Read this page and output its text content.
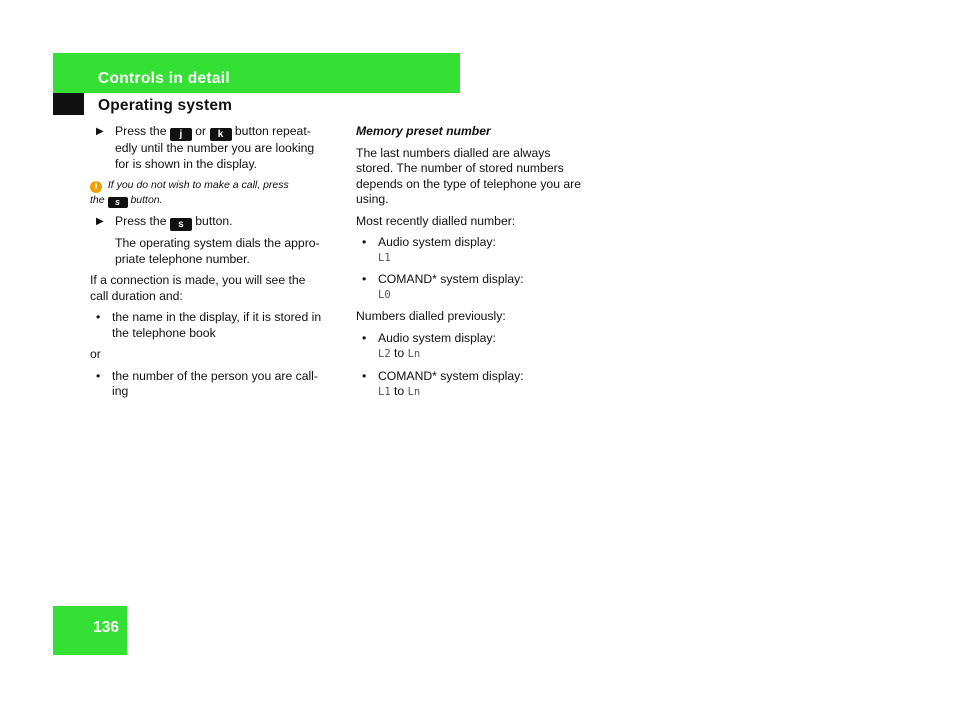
Controls in detail
Operating system
136
▶ Press the j or k button repeat-
edly until the number you are looking
for is shown in the display.
i If you do not wish to make a call, press
the s button.
▶ Press the s button.
The operating system dials the appro-
priate telephone number.
If a connection is made, you will see the
call duration and:
• the name in the display, if it is stored in
the telephone book
or
• the number of the person you are call-
ing
Memory preset number
The last numbers dialled are always
stored. The number of stored numbers
depends on the type of telephone you are
using.
Most recently dialled number:
• Audio system display:
L1
• COMAND* system display:
L0
Numbers dialled previously:
• Audio system display:
L2 to Ln
• COMAND* system display:
L1 to Ln
